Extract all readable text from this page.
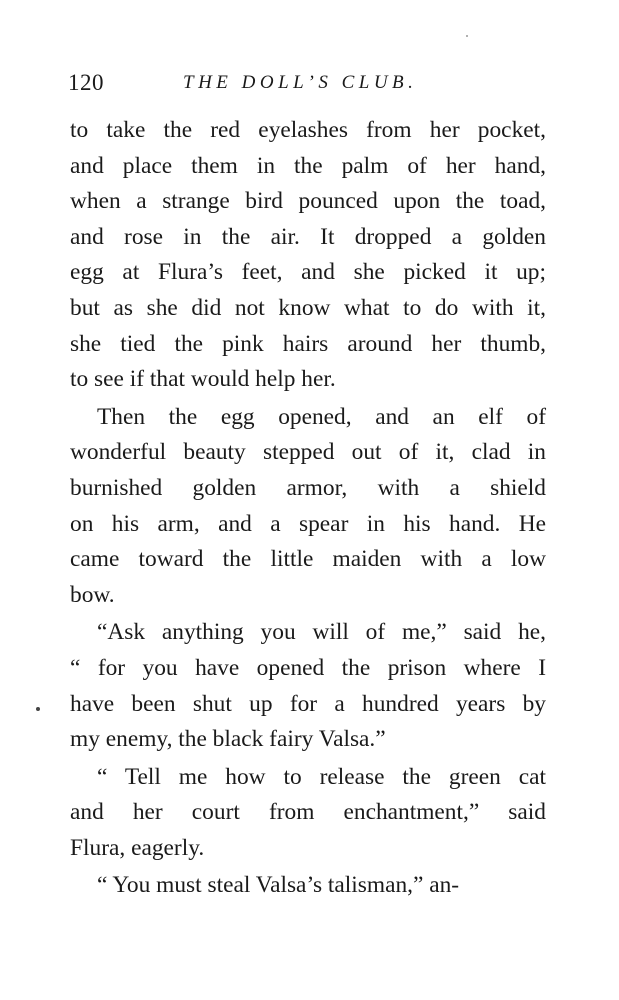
120	THE DOLL’S CLUB.
to take the red eyelashes from her pocket,
and place them in the palm of her hand,
when a strange bird pounced upon the toad,
and rose in the air. It dropped a golden
egg at Flura’s feet, and she picked it up;
but as she did not know what to do with it,
she tied the pink hairs around her thumb,
to see if that would help her.
Then the egg opened, and an elf of
wonderful beauty stepped out of it, clad in
burnished golden armor, with a shield
on his arm, and a spear in his hand. He
came toward the little maiden with a low
bow.
“Ask anything you will of me,” said he,
“ for you have opened the prison where I
have been shut up for a hundred years by
my enemy, the black fairy Valsa.”
“ Tell me how to release the green cat
and her court from enchantment,” said
Flura, eagerly.
“ You must steal Valsa’s talisman,” an-
